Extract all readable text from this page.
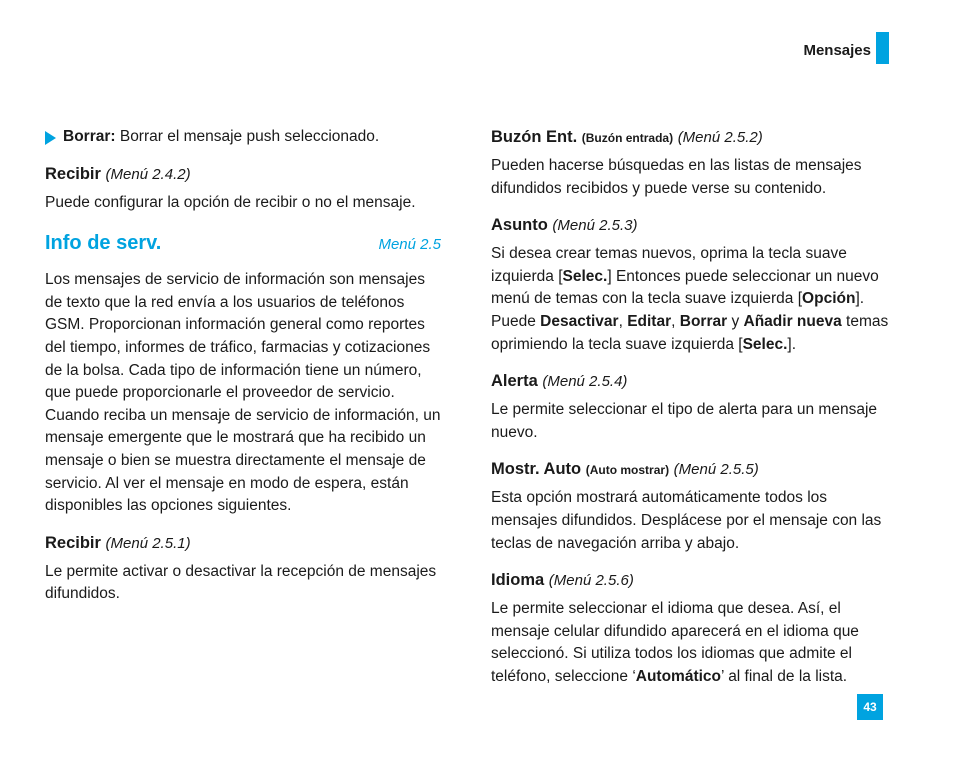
Mensajes
Borrar: Borrar el mensaje push seleccionado.
Recibir (Menú 2.4.2)

Puede configurar la opción de recibir o no el mensaje.

Info de serv.	Menú 2.5

Los mensajes de servicio de información son mensajes de texto que la red envía a los usuarios de teléfonos GSM. Proporcionan información general como reportes del tiempo, informes de tráfico, farmacias y cotizaciones de la bolsa. Cada tipo de información tiene un número, que puede proporcionarle el proveedor de servicio. Cuando reciba un mensaje de servicio de información, un mensaje emergente que le mostrará que ha recibido un mensaje o bien se muestra directamente el mensaje de servicio. Al ver el mensaje en modo de espera, están disponibles las opciones siguientes.

Recibir (Menú 2.5.1)

Le permite activar o desactivar la recepción de mensajes difundidos.

Buzón Ent. (Buzón entrada) (Menú 2.5.2)

Pueden hacerse búsquedas en las listas de mensajes difundidos recibidos y puede verse su contenido.

Asunto (Menú 2.5.3)

Si desea crear temas nuevos, oprima la tecla suave izquierda [Selec.] Entonces puede seleccionar un nuevo menú de temas con la tecla suave izquierda [Opción]. Puede Desactivar, Editar, Borrar y Añadir nueva temas oprimiendo la tecla suave izquierda [Selec.].

Alerta (Menú 2.5.4)

Le permite seleccionar el tipo de alerta para un mensaje nuevo.

Mostr. Auto (Auto mostrar) (Menú 2.5.5)

Esta opción mostrará automáticamente todos los mensajes difundidos. Desplácese por el mensaje con las teclas de navegación arriba y abajo.

Idioma (Menú 2.5.6)

Le permite seleccionar el idioma que desea. Así, el mensaje celular difundido aparecerá en el idioma que seleccionó. Si utiliza todos los idiomas que admite el teléfono, seleccione ‘Automático’ al final de la lista.

43
